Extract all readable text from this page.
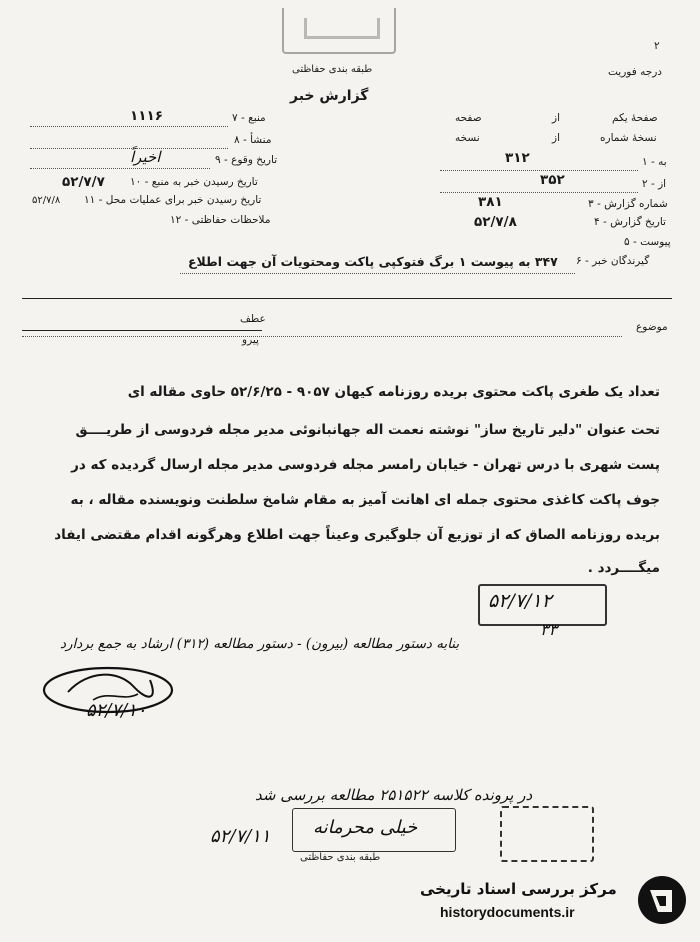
طبقه بندی حفاظتی
۲
درجه فوریت
گزارش خبر
صفحهٔ یکم
از
صفحه
نسخهٔ شماره
از
نسخه
۱ - به
۳۱۲
۲ - از
۳۵۲
۳ - شماره گزارش
۳۸۱
۴ - تاریخ گزارش
۵۲/۷/۸
۵ - پیوست
۶ - گیرندگان خبر
۳۴۷ به پیوست ۱ برگ فتوکپی پاکت ومحتویات آن جهت اطلاع
۷ - منبع
۱۱۱۶
۸ - منشأ
۹ - تاریخ وقوع
اخیراً
۱۰ - تاریخ رسیدن خبر به منبع
۵۲/۷/۷
۱۱ - تاریخ رسیدن خبر برای عملیات محل
۵۲/۷/۸
۱۲ - ملاحظات حفاظتی
موضوع
عطف
پیرو
تعداد یک طغری پاکت محتوی بریده روزنامه کیهان ۹۰۵۷ - ۵۲/۶/۲۵ حاوی مقاله ای
تحت عنوان "دلیر تاریخ ساز" نوشته نعمت اله جهانبانوئی مدیر مجله فردوسی از طریــــق
پست شهری با درس تهران - خیابان رامسر مجله فردوسی مدیر مجله ارسال گردیده که در
جوف پاکت کاغذی محتوی جمله ای اهانت آمیز به مقام شامخ سلطنت ونویسنده مقاله ، به
بریده روزنامه الصاق که از توزیع آن جلوگیری وعیناً جهت اطلاع وهرگونه اقدام مقتضی ایفاد
میگــــردد .
۵۲/۷/۱۲
۳۳
بنابه دستور مطالعه (بیرون) - دستور مطالعه (۳۱۲) ارشاد به جمع بردارد
۵۲/۷/۱۰
در پرونده کلاسه ۲۵۱۵۲۲ مطالعه بررسی شد
خیلی محرمانه
۵۲/۷/۱۱
طبقه بندی حفاظتی
مرکز بررسی اسناد تاریخی
historydocuments.ir
